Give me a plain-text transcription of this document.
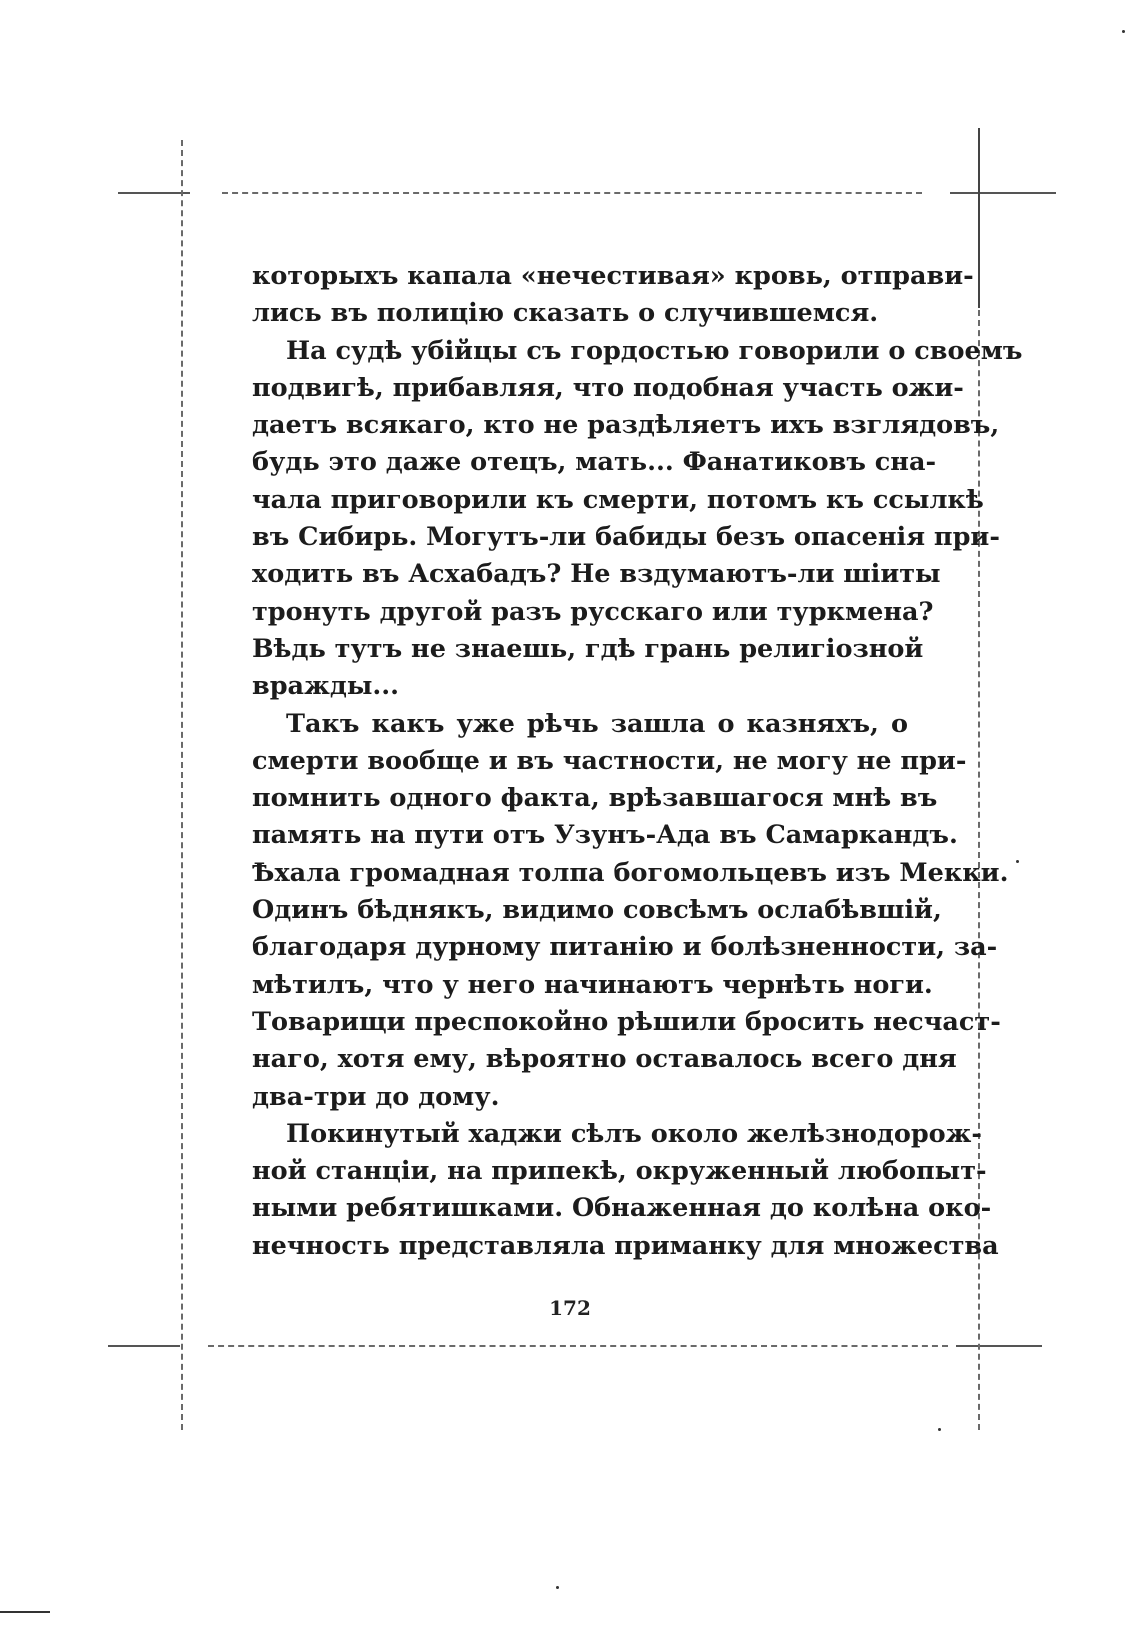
которыхъ капала «нечестивая» кровь, отправи-
лись въ полицію сказать о случившемся.
На судѣ убійцы съ гордостью говорили о своемъ
подвигѣ, прибавляя, что подобная участь ожи-
даетъ всякаго, кто не раздѣляетъ ихъ взглядовъ,
будь это даже отецъ, мать... Фанатиковъ сна-
чала приговорили къ смерти, потомъ къ ссылкѣ
въ Сибирь. Могутъ-ли бабиды безъ опасенія при-
ходить въ Асхабадъ? Не вздумаютъ-ли шіиты
тронуть другой разъ русскаго или туркмена?
Вѣдь тутъ не знаешь, гдѣ грань религіозной
вражды...
Такъ какъ уже рѣчь зашла о казняхъ, о
смерти вообще и въ частности, не могу не при-
помнить одного факта, врѣзавшагося мнѣ въ
память на пути отъ Узунъ-Ада въ Самаркандъ.
Ѣхала громадная толпа богомольцевъ изъ Мекки.
Одинъ бѣднякъ, видимо совсѣмъ ослабѣвшій,
благодаря дурному питанію и болѣзненности, за-
мѣтилъ, что у него начинаютъ чернѣть ноги.
Товарищи преспокойно рѣшили бросить несчаст-
наго, хотя ему, вѣроятно оставалось всего дня
два-три до дому.
Покинутый хаджи сѣлъ около желѣзнодорож-
ной станціи, на припекѣ, окруженный любопыт-
ными ребятишками. Обнаженная до колѣна око-
нечность представляла приманку для множества
172
